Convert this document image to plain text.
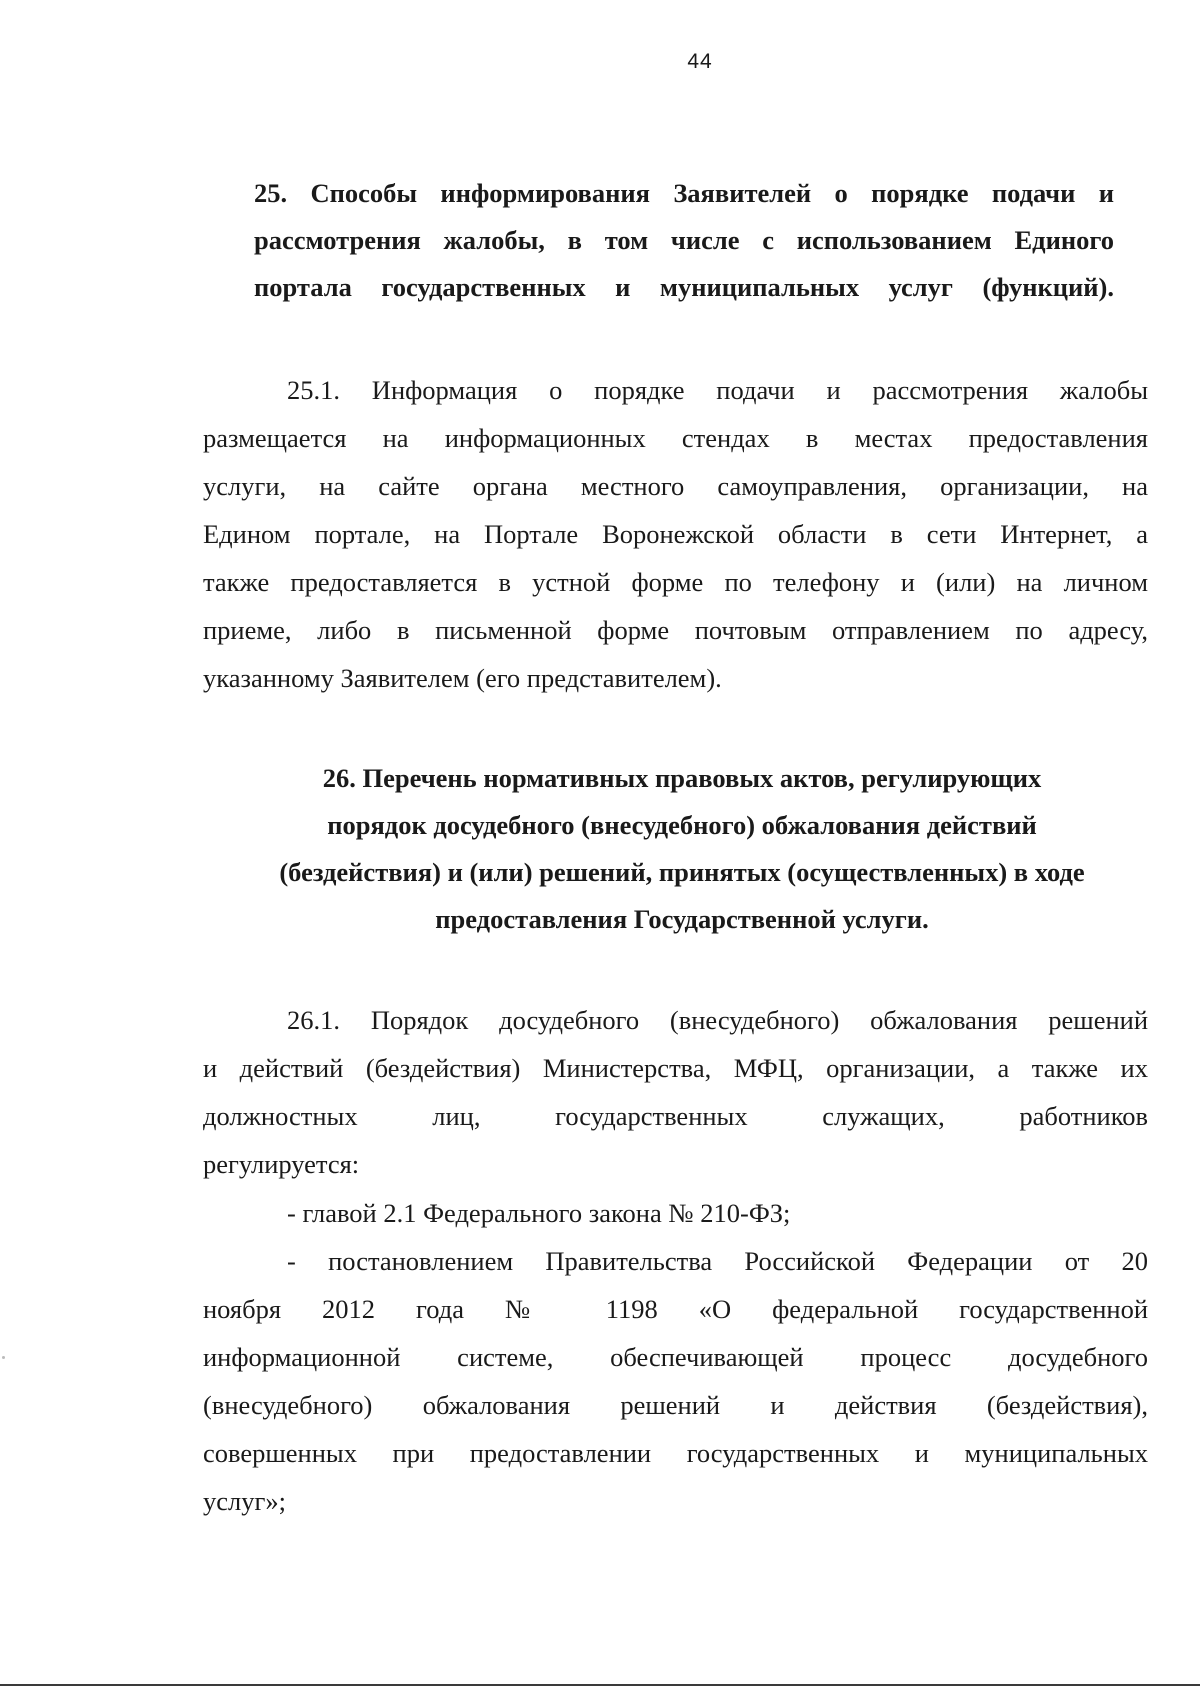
44
25. Способы информирования Заявителей о порядке подачи и
рассмотрения жалобы, в том числе с использованием Единого
портала государственных и муниципальных услуг (функций).
25.1. Информация о порядке подачи и рассмотрения жалобы
размещается на информационных стендах в местах предоставления
услуги, на сайте органа местного самоуправления, организации, на
Едином портале, на Портале Воронежской области в сети Интернет, а
также предоставляется в устной форме по телефону и (или) на личном
приеме, либо в письменной форме почтовым отправлением по адресу,
указанному Заявителем (его представителем).
26. Перечень нормативных правовых актов, регулирующих
порядок досудебного (внесудебного) обжалования действий
(бездействия) и (или) решений, принятых (осуществленных) в ходе
предоставления Государственной услуги.
26.1. Порядок досудебного (внесудебного) обжалования решений
и действий (бездействия) Министерства, МФЦ, организации, а также их
должностных лиц, государственных служащих, работников
регулируется:
- главой 2.1 Федерального закона № 210-ФЗ;
- постановлением Правительства Российской Федерации от 20
ноября 2012 года № 1198 «О федеральной государственной
информационной системе, обеспечивающей процесс досудебного
(внесудебного) обжалования решений и действия (бездействия),
совершенных при предоставлении государственных и муниципальных
услуг»;
